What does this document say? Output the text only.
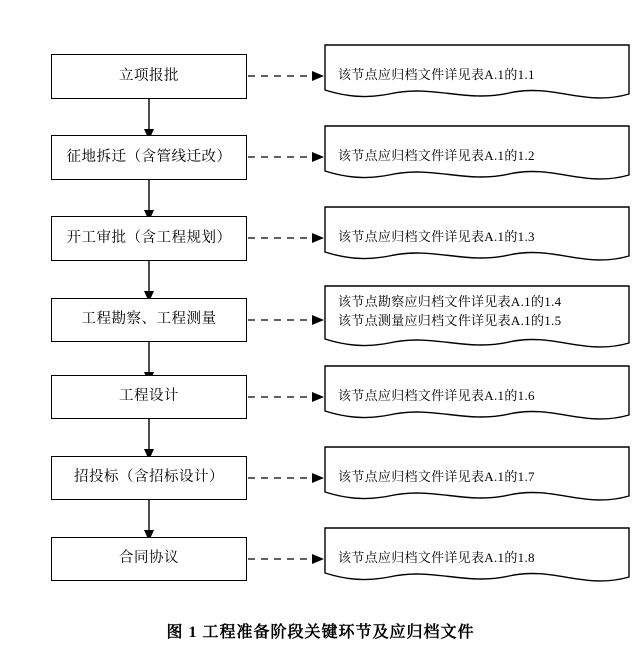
立项报批
征地拆迁（含管线迁改）
开工审批（含工程规划）
工程勘察、工程测量
工程设计
招投标（含招标设计）
合同协议
该节点应归档文件详见表A.1的1.1
该节点应归档文件详见表A.1的1.2
该节点应归档文件详见表A.1的1.3
该节点勘察应归档文件详见表A.1的1.4
该节点测量应归档文件详见表A.1的1.5
该节点应归档文件详见表A.1的1.6
该节点应归档文件详见表A.1的1.7
该节点应归档文件详见表A.1的1.8
图 1 工程准备阶段关键环节及应归档文件
